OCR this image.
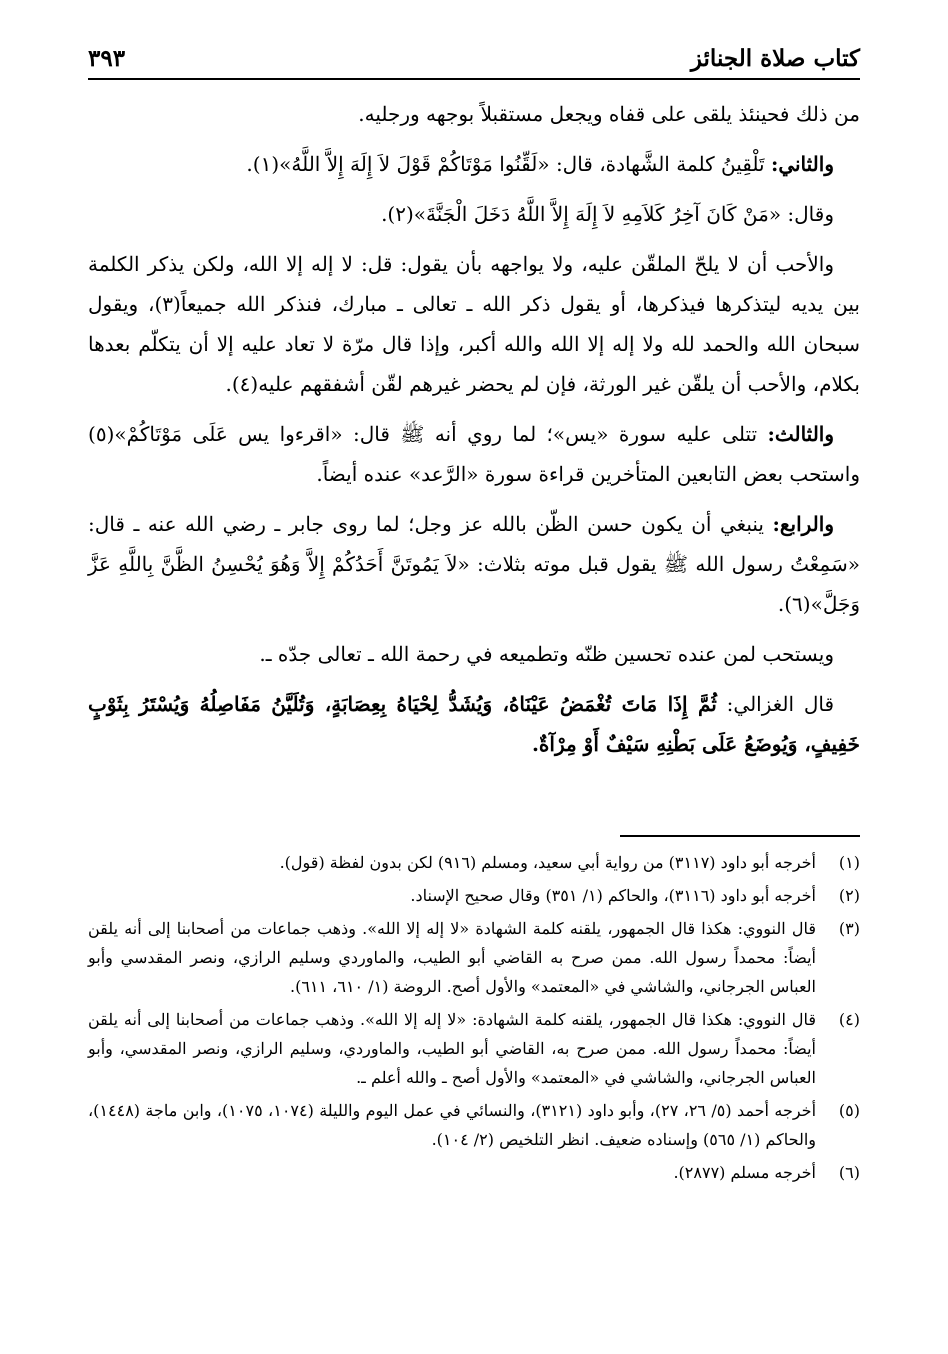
كتاب صلاة الجنائز
٣٩٣

من ذلك فحينئذ يلقى على قفاه ويجعل مستقبلاً بوجهه ورجليه.

والثاني: تَلْقِينُ كلمة الشَّهادة، قال: «لَقِّنُوا مَوْتَاكُمْ قَوْلَ لاَ إِلَهَ إِلاَّ اللَّهُ»(١).

وقال: «مَنْ كَانَ آخِرُ كَلاَمِهِ لاَ إِلَهَ إِلاَّ اللَّهُ دَخَلَ الْجَنَّةَ»(٢).

والأحب أن لا يلحّ الملقّن عليه، ولا يواجهه بأن يقول: قل: لا إله إلا الله، ولكن يذكر الكلمة بين يديه ليتذكرها فيذكرها، أو يقول ذكر الله ـ تعالى ـ مبارك، فنذكر الله جميعاً(٣)، ويقول سبحان الله والحمد لله ولا إله إلا الله والله أكبر، وإذا قال مرّة لا تعاد عليه إلا أن يتكلّم بعدها بكلام، والأحب أن يلقّن غير الورثة، فإن لم يحضر غيرهم لقّن أشفقهم عليه(٤).

والثالث: تتلى عليه سورة «يس»؛ لما روي أنه ﷺ قال: «اقرءوا يس عَلَى مَوْتَاكُمْ»(٥) واستحب بعض التابعين المتأخرين قراءة سورة «الرَّعد» عنده أيضاً.

والرابع: ينبغي أن يكون حسن الظّن بالله عز وجل؛ لما روى جابر ـ رضي الله عنه ـ قال: «سَمِعْتُ رسول الله ﷺ يقول قبل موته بثلاث: «لاَ يَمُوتَنَّ أَحَدُكُمْ إِلاَّ وَهُوَ يُحْسِنُ الظَّنَّ بِاللَّهِ عَزَّ وَجَلَّ»(٦).

ويستحب لمن عنده تحسين ظنّه وتطميعه في رحمة الله ـ تعالى جدّه ـ.

قال الغزالي: ثُمَّ إِذَا مَاتَ تُغْمَضُ عَيْنَاهُ، وَيُشَدُّ لِحْيَاهُ بِعِصَابَةٍ، وَتُلَيَّنُ مَفَاصِلُهُ وَيُسْتَرُ بِثَوْبٍ خَفِيفٍ، وَيُوضَعُ عَلَى بَطْنِهِ سَيْفٌ أَوْ مِرْآةٌ.

(١)
أخرجه أبو داود (٣١١٧) من رواية أبي سعيد، ومسلم (٩١٦) لكن بدون لفظة (قول).
(٢)
أخرجه أبو داود (٣١١٦)، والحاكم (١/ ٣٥١) وقال صحيح الإسناد.
(٣)
قال النووي: هكذا قال الجمهور، يلقنه كلمة الشهادة «لا إله إلا الله». وذهب جماعات من أصحابنا إلى أنه يلقن أيضاً: محمداً رسول الله. ممن صرح به القاضي أبو الطيب، والماوردي وسليم الرازي، ونصر المقدسي وأبو العباس الجرجاني، والشاشي في «المعتمد» والأول أصح. الروضة (١/ ٦١٠، ٦١١).
(٤)
قال النووي: هكذا قال الجمهور، يلقنه كلمة الشهادة: «لا إله إلا الله». وذهب جماعات من أصحابنا إلى أنه يلقن أيضاً: محمداً رسول الله. ممن صرح به، القاضي أبو الطيب، والماوردي، وسليم الرازي، ونصر المقدسي، وأبو العباس الجرجاني، والشاشي في «المعتمد» والأول أصح ـ والله أعلم ـ.
(٥)
أخرجه أحمد (٥/ ٢٦، ٢٧)، وأبو داود (٣١٢١)، والنسائي في عمل اليوم والليلة (١٠٧٤، ١٠٧٥)، وابن ماجة (١٤٤٨)، والحاكم (١/ ٥٦٥) وإسناده ضعيف. انظر التلخيص (٢/ ١٠٤).
(٦)
أخرجه مسلم (٢٨٧٧).
